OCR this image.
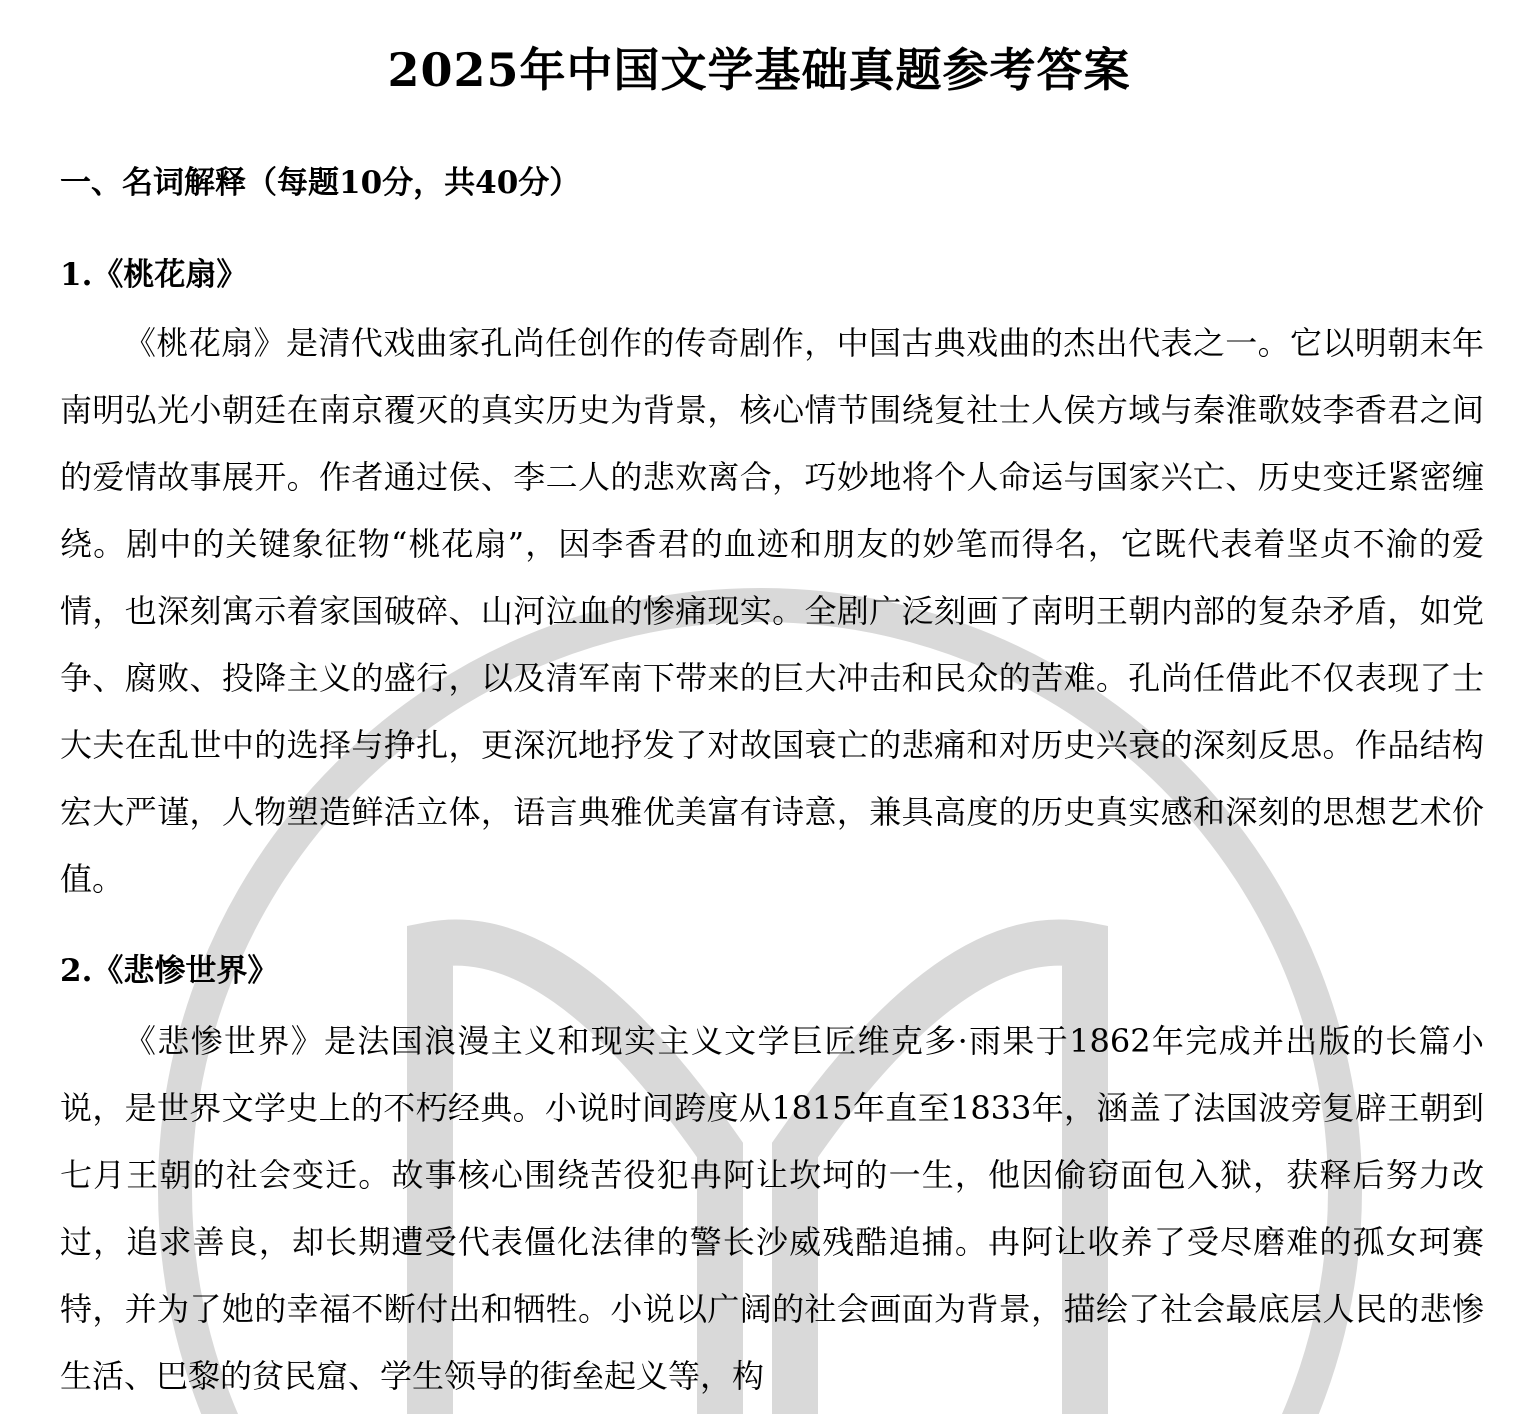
2025年中国文学基础真题参考答案
一、名词解释（每题10分，共40分）
1.《桃花扇》

《桃花扇》是清代戏曲家孔尚任创作的传奇剧作，中国古典戏曲的杰出代表之一。它以明朝末年南明弘光小朝廷在南京覆灭的真实历史为背景，核心情节围绕复社士人侯方域与秦淮歌妓李香君之间的爱情故事展开。作者通过侯、李二人的悲欢离合，巧妙地将个人命运与国家兴亡、历史变迁紧密缠绕。剧中的关键象征物“桃花扇”，因李香君的血迹和朋友的妙笔而得名，它既代表着坚贞不渝的爱情，也深刻寓示着家国破碎、山河泣血的惨痛现实。全剧广泛刻画了南明王朝内部的复杂矛盾，如党争、腐败、投降主义的盛行，以及清军南下带来的巨大冲击和民众的苦难。孔尚任借此不仅表现了士大夫在乱世中的选择与挣扎，更深沉地抒发了对故国衰亡的悲痛和对历史兴衰的深刻反思。作品结构宏大严谨，人物塑造鲜活立体，语言典雅优美富有诗意，兼具高度的历史真实感和深刻的思想艺术价值。

2.《悲惨世界》

《悲惨世界》是法国浪漫主义和现实主义文学巨匠维克多·雨果于1862年完成并出版的长篇小说，是世界文学史上的不朽经典。小说时间跨度从1815年直至1833年，涵盖了法国波旁复辟王朝到七月王朝的社会变迁。故事核心围绕苦役犯冉阿让坎坷的一生，他因偷窃面包入狱，获释后努力改过，追求善良，却长期遭受代表僵化法律的警长沙威残酷追捕。冉阿让收养了受尽磨难的孤女珂赛特，并为了她的幸福不断付出和牺牲。小说以广阔的社会画面为背景，描绘了社会最底层人民的悲惨生活、巴黎的贫民窟、学生领导的街垒起义等，构
